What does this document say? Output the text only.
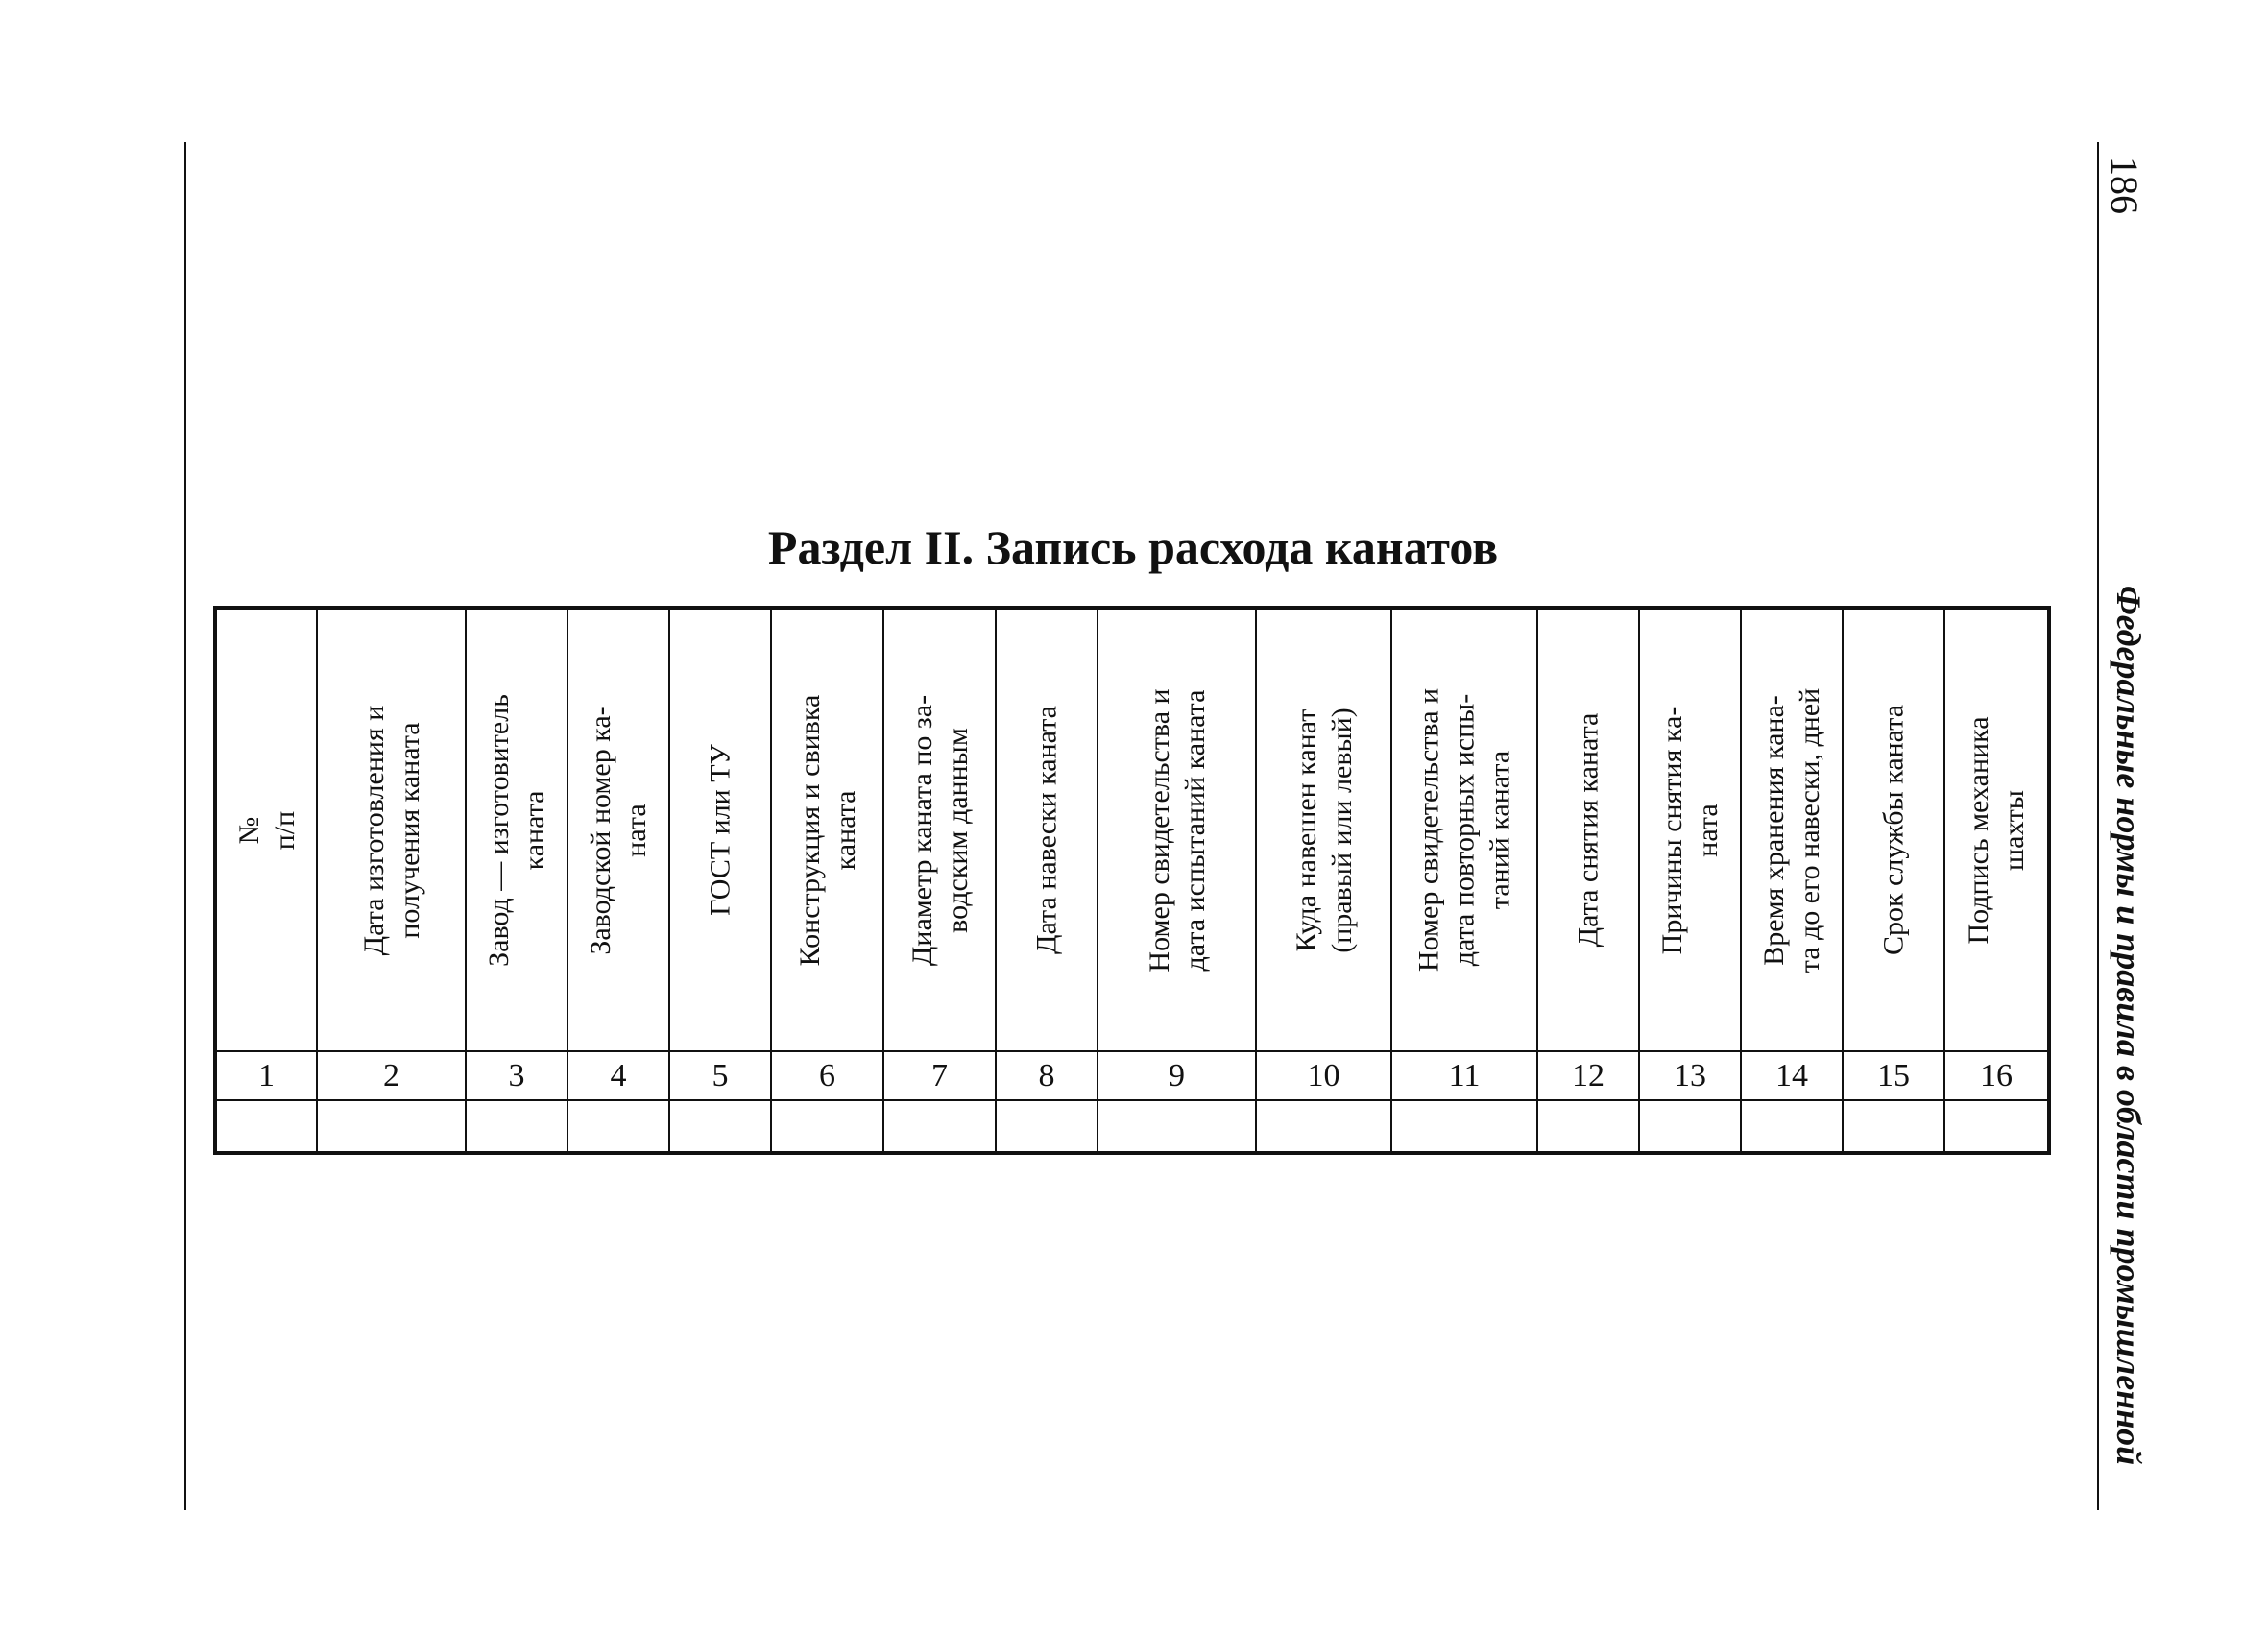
Федеральные нормы и правила в области промышленной
186
Раздел II. Запись расхода канатов
№ п/п	Дата изготовления и получения каната	Завод — изготовитель каната	Заводской номер ка- ната	ГОСТ или ТУ	Конструкция и свивка каната	Диаметр каната по за- водским данным	Дата навески каната	Номер свидетельства и дата испытаний каната	Куда навешен канат (правый или левый)	Номер свидетельства и дата повторных испы- таний каната	Дата снятия каната	Причины снятия ка- ната	Время хранения кана- та до его навески, дней	Срок службы каната	Подпись механика шахты

1	2	3	4	5	6	7	8	9	10	11	12	13	14	15	16
